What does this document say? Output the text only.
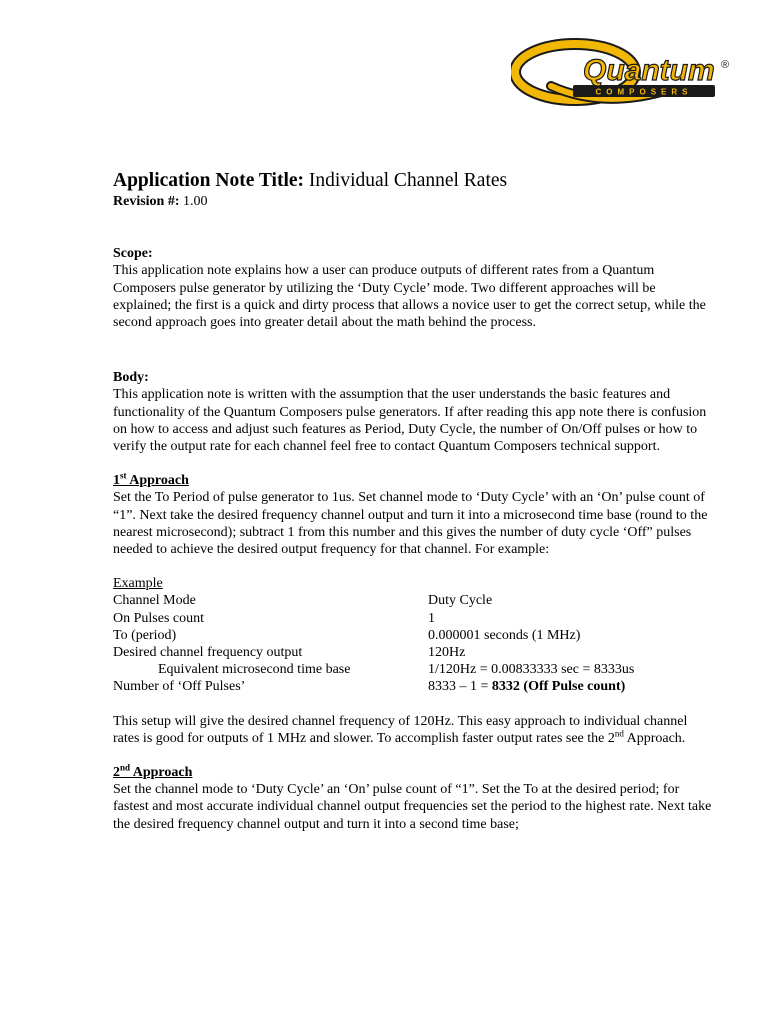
COMPOSERS
Quantum ®
Application Note Title: Individual Channel Rates

Revision #: 1.00

Scope:

This application note explains how a user can produce outputs of different rates from a Quantum Composers pulse generator by utilizing the ‘Duty Cycle’ mode. Two different approaches will be explained; the first is a quick and dirty process that allows a novice user to get the correct setup, while the second approach goes into greater detail about the math behind the process.

Body:

This application note is written with the assumption that the user understands the basic features and functionality of the Quantum Composers pulse generators. If after reading this app note there is confusion on how to access and adjust such features as Period, Duty Cycle, the number of On/Off pulses or how to verify the output rate for each channel feel free to contact Quantum Composers technical support.

1st Approach

Set the To Period of pulse generator to 1us. Set channel mode to ‘Duty Cycle’ with an ‘On’ pulse count of “1”. Next take the desired frequency channel output and turn it into a microsecond time base (round to the nearest microsecond); subtract 1 from this number and this gives the number of duty cycle ‘Off” pulses needed to achieve the desired output frequency for that channel. For example:

Example

Channel Mode	Duty Cycle
On Pulses count	1
To (period)	0.000001 seconds (1 MHz)
Desired channel frequency output	120Hz
Equivalent microsecond time base	1/120Hz = 0.00833333 sec = 8333us
Number of ‘Off Pulses’	8333 – 1 = 8332 (Off Pulse count)

This setup will give the desired channel frequency of 120Hz. This easy approach to individual channel rates is good for outputs of 1 MHz and slower. To accomplish faster output rates see the 2nd Approach.

2nd Approach

Set the channel mode to ‘Duty Cycle’ an ‘On’ pulse count of “1”. Set the To at the desired period; for fastest and most accurate individual channel output frequencies set the period to the highest rate. Next take the desired frequency channel output and turn it into a second time base;
